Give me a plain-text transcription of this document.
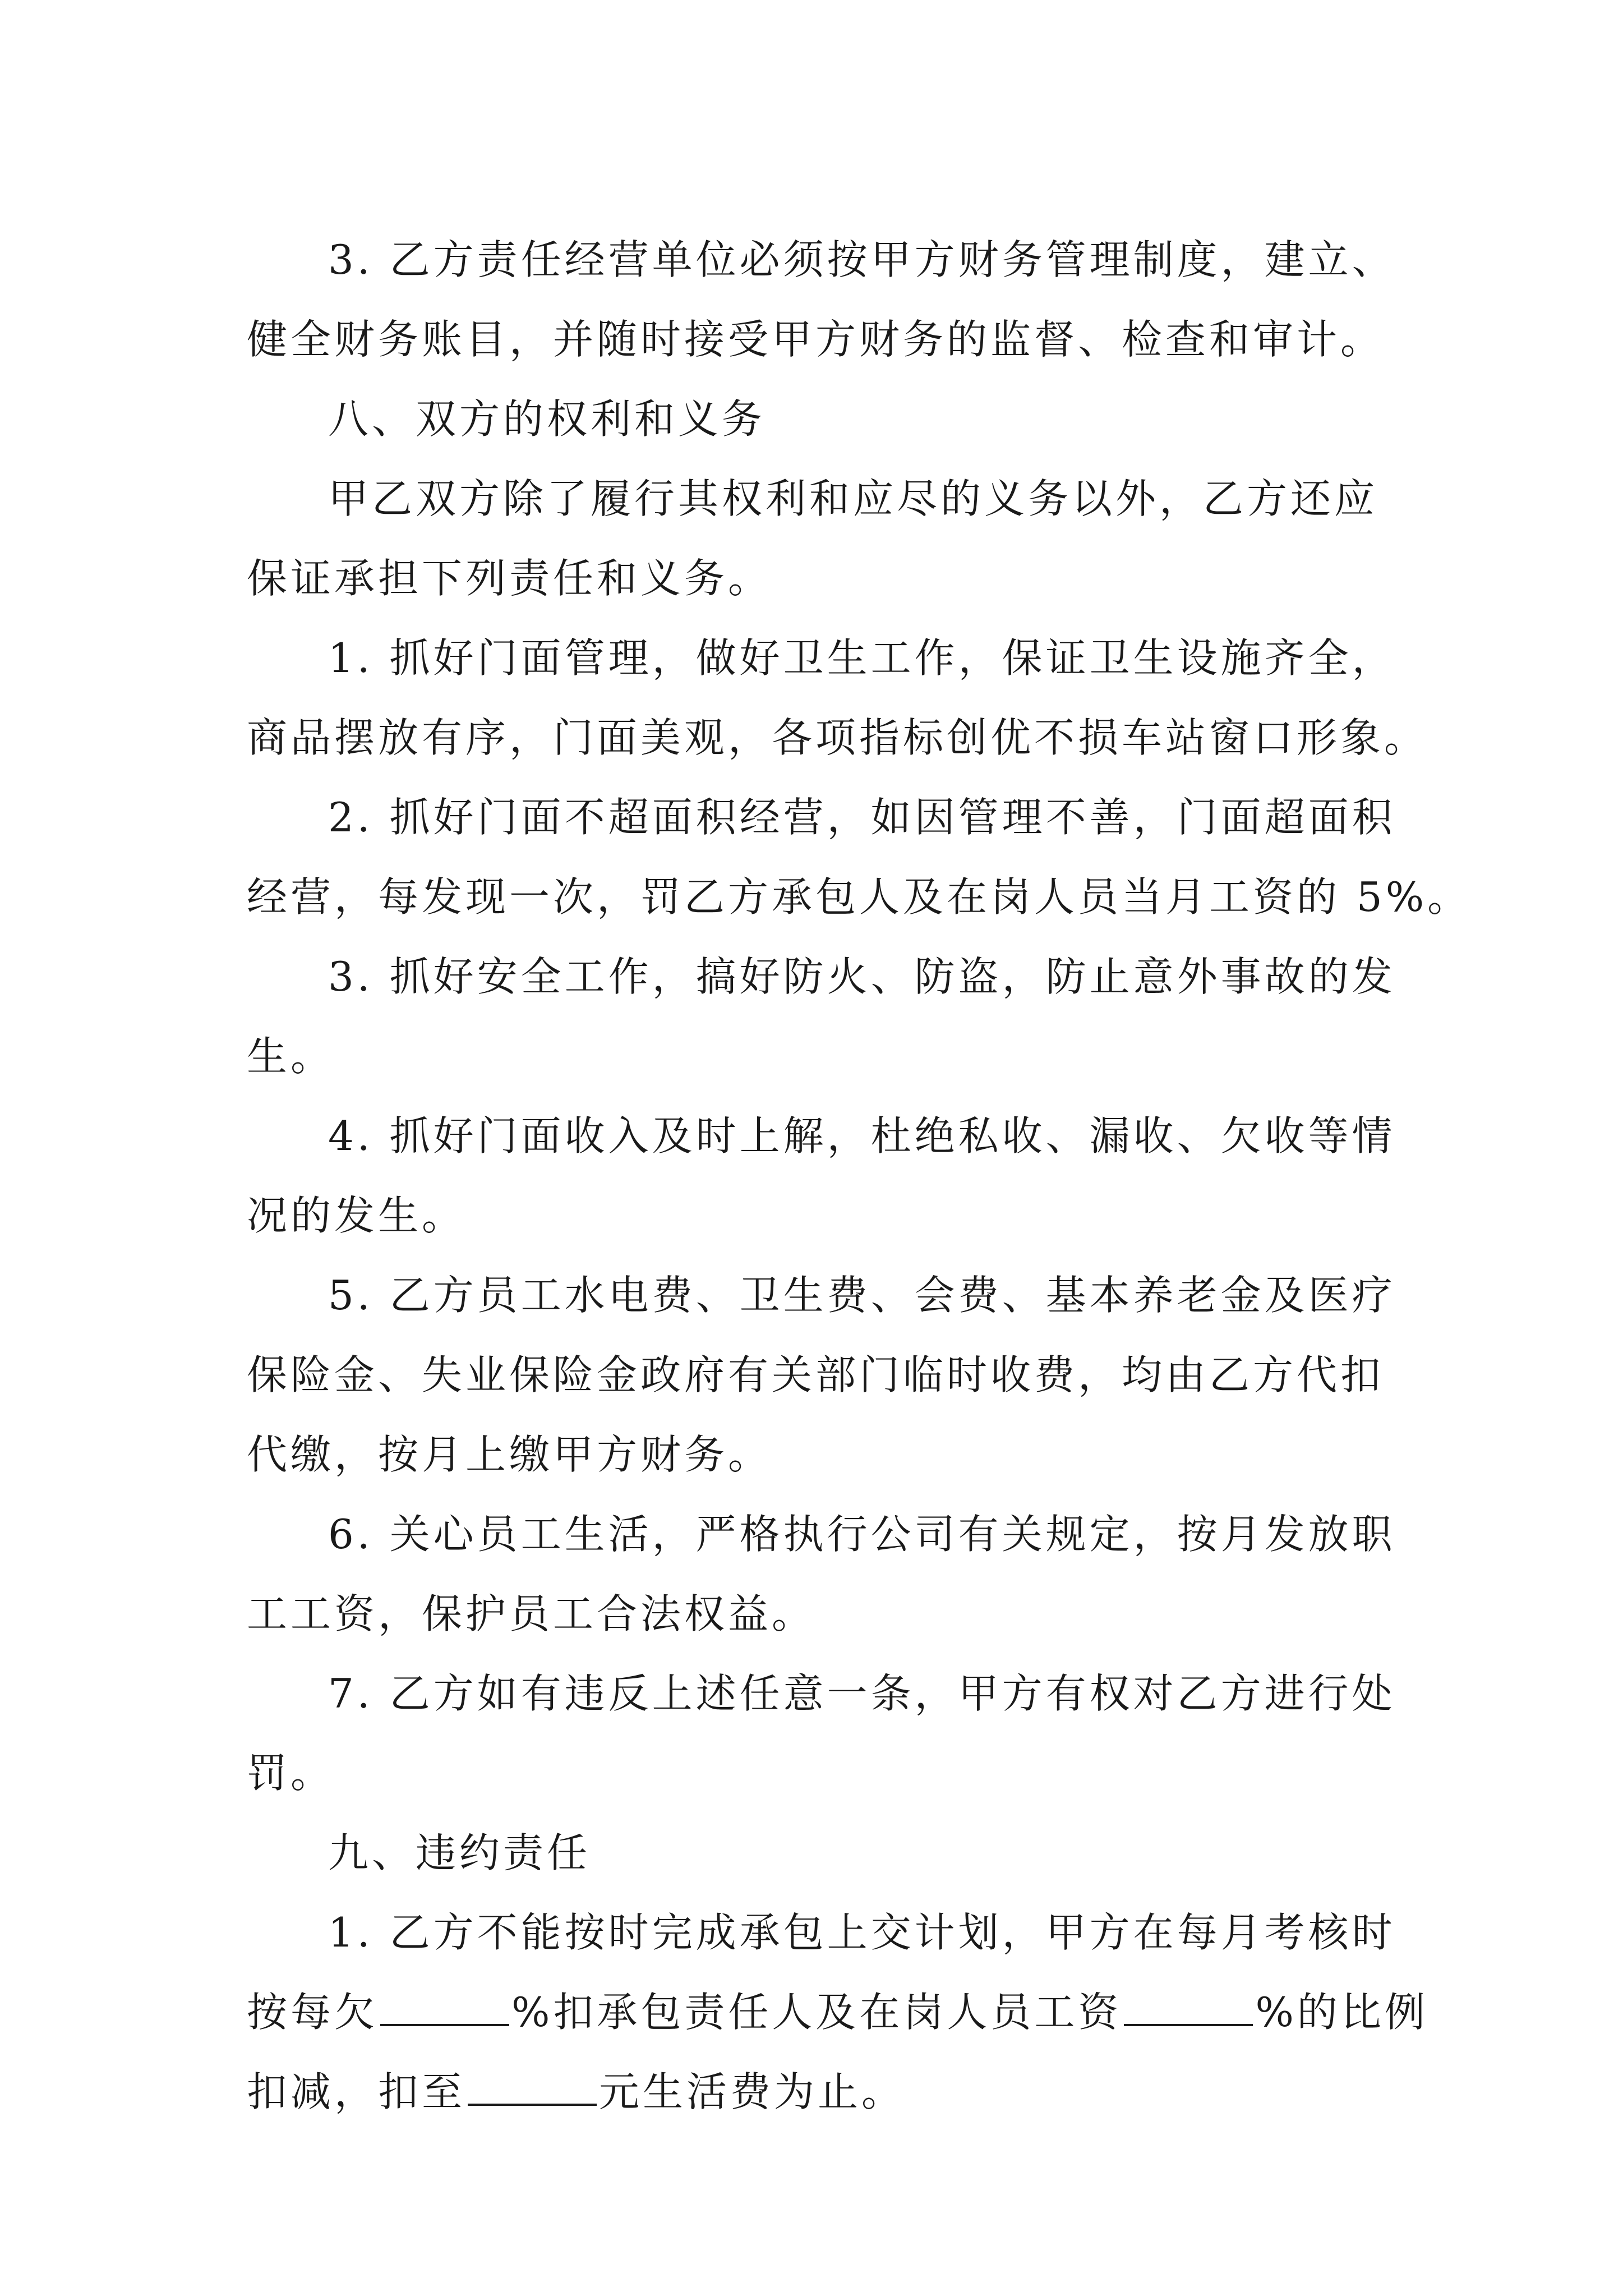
3. 乙方责任经营单位必须按甲方财务管理制度，建立、
健全财务账目，并随时接受甲方财务的监督、检查和审计。

八、双方的权利和义务

甲乙双方除了履行其权利和应尽的义务以外，乙方还应
保证承担下列责任和义务。

1. 抓好门面管理，做好卫生工作，保证卫生设施齐全，
商品摆放有序，门面美观，各项指标创优不损车站窗口形象。

2. 抓好门面不超面积经营，如因管理不善，门面超面积
经营，每发现一次，罚乙方承包人及在岗人员当月工资的 5%。

3. 抓好安全工作，搞好防火、防盗，防止意外事故的发
生。

4. 抓好门面收入及时上解，杜绝私收、漏收、欠收等情
况的发生。

5. 乙方员工水电费、卫生费、会费、基本养老金及医疗
保险金、失业保险金政府有关部门临时收费，均由乙方代扣
代缴，按月上缴甲方财务。

6. 关心员工生活，严格执行公司有关规定，按月发放职
工工资，保护员工合法权益。

7. 乙方如有违反上述任意一条，甲方有权对乙方进行处
罚。

九、违约责任

1. 乙方不能按时完成承包上交计划，甲方在每月考核时
按每欠	%扣承包责任人及在岗人员工资	%的比例
扣减，扣至	元生活费为止。
